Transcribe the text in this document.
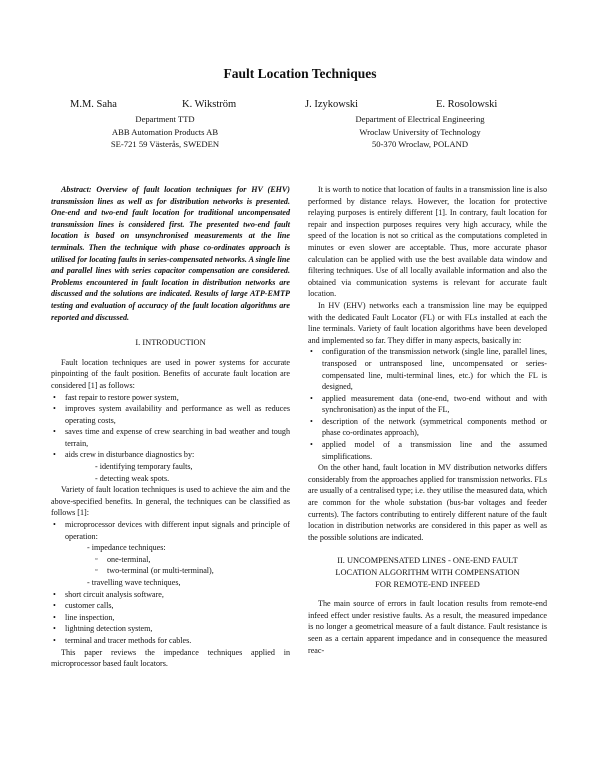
Fault Location Techniques
M.M. Saha	K. Wikström	J. Izykowski	E. Rosolowski
Department TTD
ABB Automation Products AB
SE-721 59 Västerås, SWEDEN
Department of Electrical Engineering
Wroclaw University of Technology
50-370 Wroclaw, POLAND

Abstract: Overview of fault location techniques for HV (EHV) transmission lines as well as for distribution networks is presented. One-end and two-end fault location for traditional uncompensated transmission lines is considered first. The presented two-end fault location is based on unsynchronised measurements at the line terminals. Then the technique with phase co-ordinates approach is utilised for locating faults in series-compensated networks. A single line and parallel lines with series capacitor compensation are considered. Problems encountered in fault location in distribution networks are discussed and the solutions are indicated. Results of large ATP-EMTP testing and evaluation of accuracy of the fault location algorithms are reported and discussed.

I. INTRODUCTION

Fault location techniques are used in power systems for accurate pinpointing of the fault position. Benefits of accurate fault location are considered [1] as follows:

• fast repair to restore power system,
• improves system availability and performance as well as reduces operating costs,
• saves time and expense of crew searching in bad weather and tough terrain,
• aids crew in disturbance diagnostics by:
- identifying temporary faults,
- detecting weak spots.

Variety of fault location techniques is used to achieve the aim and the above-specified benefits. In general, the techniques can be classified as follows [1]:

• microprocessor devices with different input signals and principle of operation:
- impedance techniques:
▫ one-terminal,
▫ two-terminal (or multi-terminal),
- travelling wave techniques,
• short circuit analysis software,
• customer calls,
• line inspection,
• lightning detection system,
• terminal and tracer methods for cables.

This paper reviews the impedance techniques applied in microprocessor based fault locators.

It is worth to notice that location of faults in a transmission line is also performed by distance relays. However, the location for protective relaying purposes is entirely different [1]. In contrary, fault location for repair and inspection purposes requires very high accuracy, while the speed of the location is not so critical as the computations completed in minutes or even slower are acceptable. Thus, more accurate phasor calculation can be applied with use the best available data window and filtering techniques. Use of all locally available information and also the obtained via communication systems is relevant for accurate fault location.

In HV (EHV) networks each a transmission line may be equipped with the dedicated Fault Locator (FL) or with FLs installed at each the line terminals. Variety of fault location algorithms have been developed and implemented so far. They differ in many aspects, basically in:

• configuration of the transmission network (single line, parallel lines, transposed or untransposed line, uncompensated or series-compensated line, multi-terminal lines, etc.) for which the FL is designed,
• applied measurement data (one-end, two-end without and with synchronisation) as the input of the FL,
• description of the network (symmetrical components method or phase co-ordinates approach),
• applied model of a transmission line and the assumed simplifications.

On the other hand, fault location in MV distribution networks differs considerably from the approaches applied for transmission networks. FLs are usually of a centralised type; i.e. they utilise the measured data, which are common for the whole substation (bus-bar voltages and feeder currents). The factors contributing to entirely different nature of the fault location in distribution networks are considered in this paper as well as the possible solutions are indicated.

II. UNCOMPENSATED LINES - ONE-END FAULT
LOCATION ALGORITHM WITH COMPENSATION
FOR REMOTE-END INFEED

The main source of errors in fault location results from remote-end infeed effect under resistive faults. As a result, the measured impedance is no longer a geometrical measure of a fault distance. Fault resistance is seen as a certain apparent impedance and in consequence the measured reac-
